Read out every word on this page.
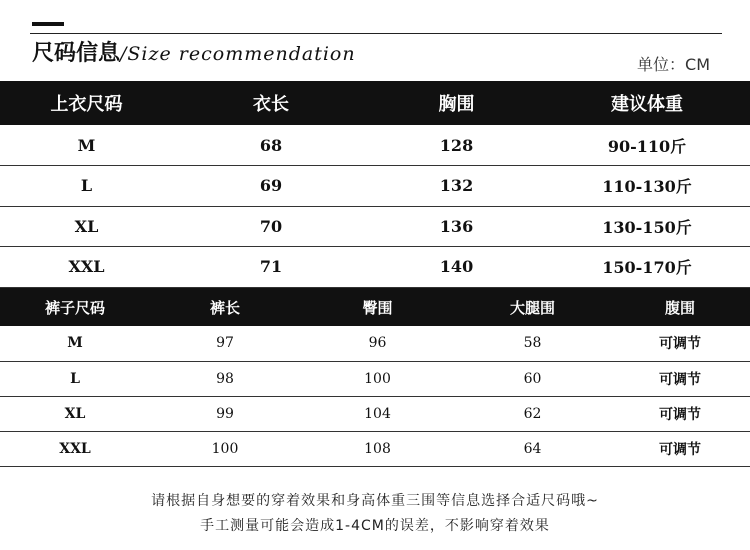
尺码信息/Size recommendation	单位：CM
上衣尺码	衣长	胸围	建议体重
M	68	128	90-110斤
L	69	132	110-130斤
XL	70	136	130-150斤
XXL	71	140	150-170斤
裤子尺码	裤长	臀围	大腿围	腹围
M	97	96	58	可调节
L	98	100	60	可调节
XL	99	104	62	可调节
XXL	100	108	64	可调节
请根据自身想要的穿着效果和身高体重三围等信息选择合适尺码哦~
手工测量可能会造成1-4CM的误差，不影响穿着效果
